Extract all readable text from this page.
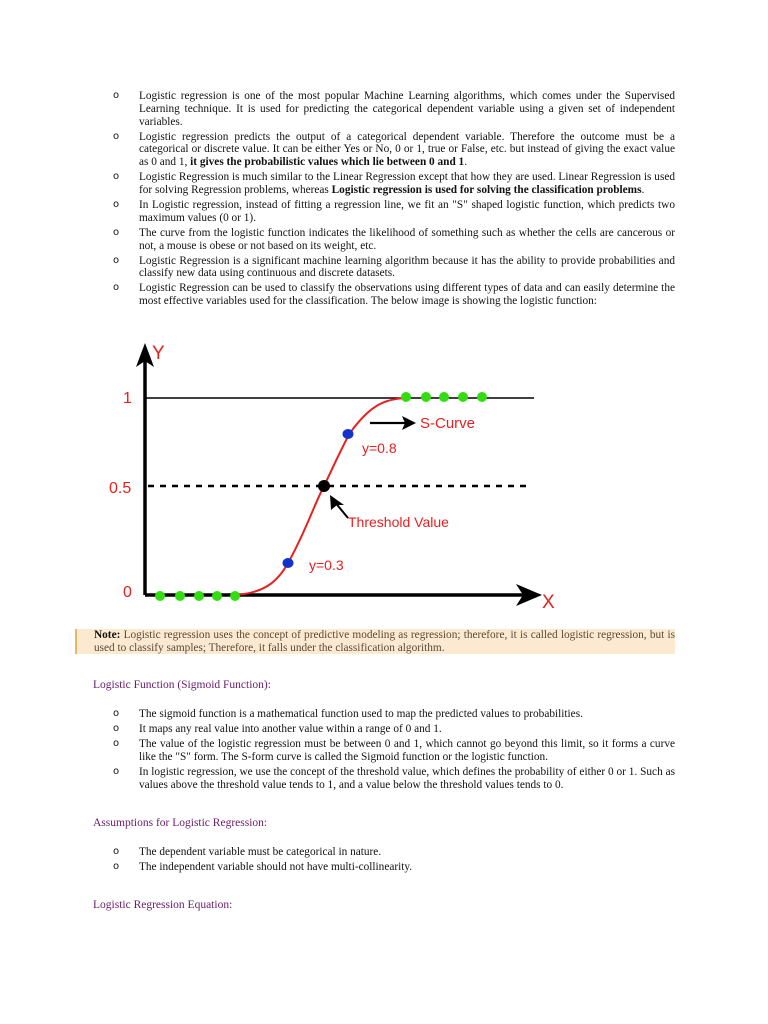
o Logistic regression is one of the most popular Machine Learning algorithms, which comes under the Supervised Learning technique. It is used for predicting the categorical dependent variable using a given set of independent variables.
o Logistic regression predicts the output of a categorical dependent variable. Therefore the outcome must be a categorical or discrete value. It can be either Yes or No, 0 or 1, true or False, etc. but instead of giving the exact value as 0 and 1, it gives the probabilistic values which lie between 0 and 1.
o Logistic Regression is much similar to the Linear Regression except that how they are used. Linear Regression is used for solving Regression problems, whereas Logistic regression is used for solving the classification problems.
o In Logistic regression, instead of fitting a regression line, we fit an "S" shaped logistic function, which predicts two maximum values (0 or 1).
o The curve from the logistic function indicates the likelihood of something such as whether the cells are cancerous or not, a mouse is obese or not based on its weight, etc.
o Logistic Regression is a significant machine learning algorithm because it has the ability to provide probabilities and classify new data using continuous and discrete datasets.
o Logistic Regression can be used to classify the observations using different types of data and can easily determine the most effective variables used for the classification. The below image is showing the logistic function:
Y
X
1
0.5
0
S-Curve
y=0.8
Threshold Value
y=0.3
Note: Logistic regression uses the concept of predictive modeling as regression; therefore, it is called logistic regression, but is used to classify samples; Therefore, it falls under the classification algorithm.
Logistic Function (Sigmoid Function):
o The sigmoid function is a mathematical function used to map the predicted values to probabilities.
o It maps any real value into another value within a range of 0 and 1.
o The value of the logistic regression must be between 0 and 1, which cannot go beyond this limit, so it forms a curve like the "S" form. The S-form curve is called the Sigmoid function or the logistic function.
o In logistic regression, we use the concept of the threshold value, which defines the probability of either 0 or 1. Such as values above the threshold value tends to 1, and a value below the threshold values tends to 0.
Assumptions for Logistic Regression:
o The dependent variable must be categorical in nature.
o The independent variable should not have multi-collinearity.
Logistic Regression Equation:
